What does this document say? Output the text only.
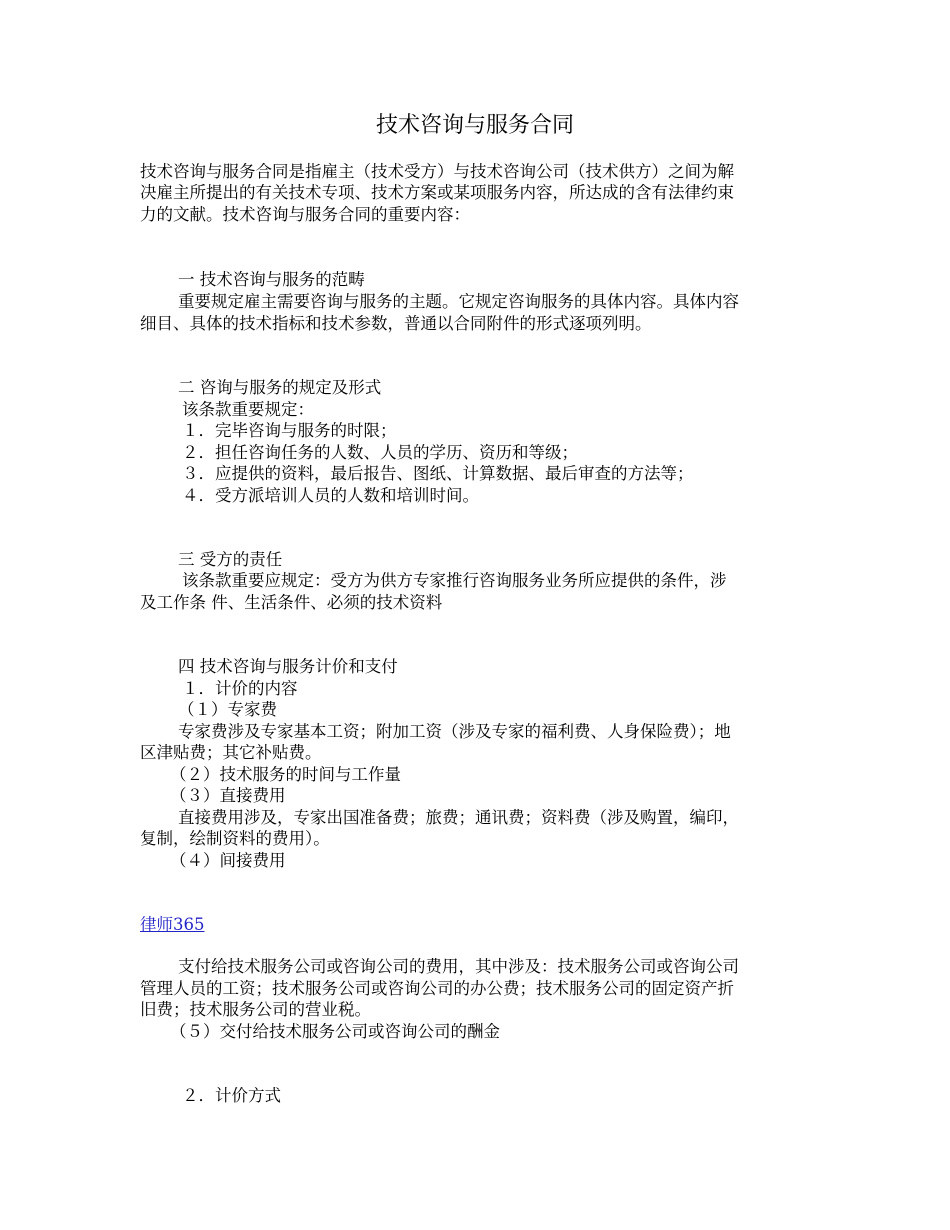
技术咨询与服务合同
技术咨询与服务合同是指雇主（技术受方）与技术咨询公司（技术供方）之间为解
决雇主所提出的有关技术专项、技术方案或某项服务内容，所达成的含有法律约束
力的文献。技术咨询与服务合同的重要内容：
一 技术咨询与服务的范畴
重要规定雇主需要咨询与服务的主题。它规定咨询服务的具体内容。具体内容
细目、具体的技术指标和技术参数，普通以合同附件的形式逐项列明。
二 咨询与服务的规定及形式
该条款重要规定：
１．完毕咨询与服务的时限；
２．担任咨询任务的人数、人员的学历、资历和等级；
３．应提供的资料，最后报告、图纸、计算数据、最后审查的方法等；
４．受方派培训人员的人数和培训时间。
三 受方的责任
该条款重要应规定：受方为供方专家推行咨询服务业务所应提供的条件，涉
及工作条 件、生活条件、必须的技术资料
四 技术咨询与服务计价和支付
１．计价的内容
（１）专家费
专家费涉及专家基本工资；附加工资（涉及专家的福利费、人身保险费）；地
区津贴费；其它补贴费。
（２）技术服务的时间与工作量
（３）直接费用
直接费用涉及，专家出国准备费；旅费；通讯费；资料费（涉及购置，编印，
复制，绘制资料的费用）。
（４）间接费用
律师365
支付给技术服务公司或咨询公司的费用，其中涉及：技术服务公司或咨询公司
管理人员的工资；技术服务公司或咨询公司的办公费；技术服务公司的固定资产折
旧费；技术服务公司的营业税。
（５）交付给技术服务公司或咨询公司的酬金
２．计价方式
